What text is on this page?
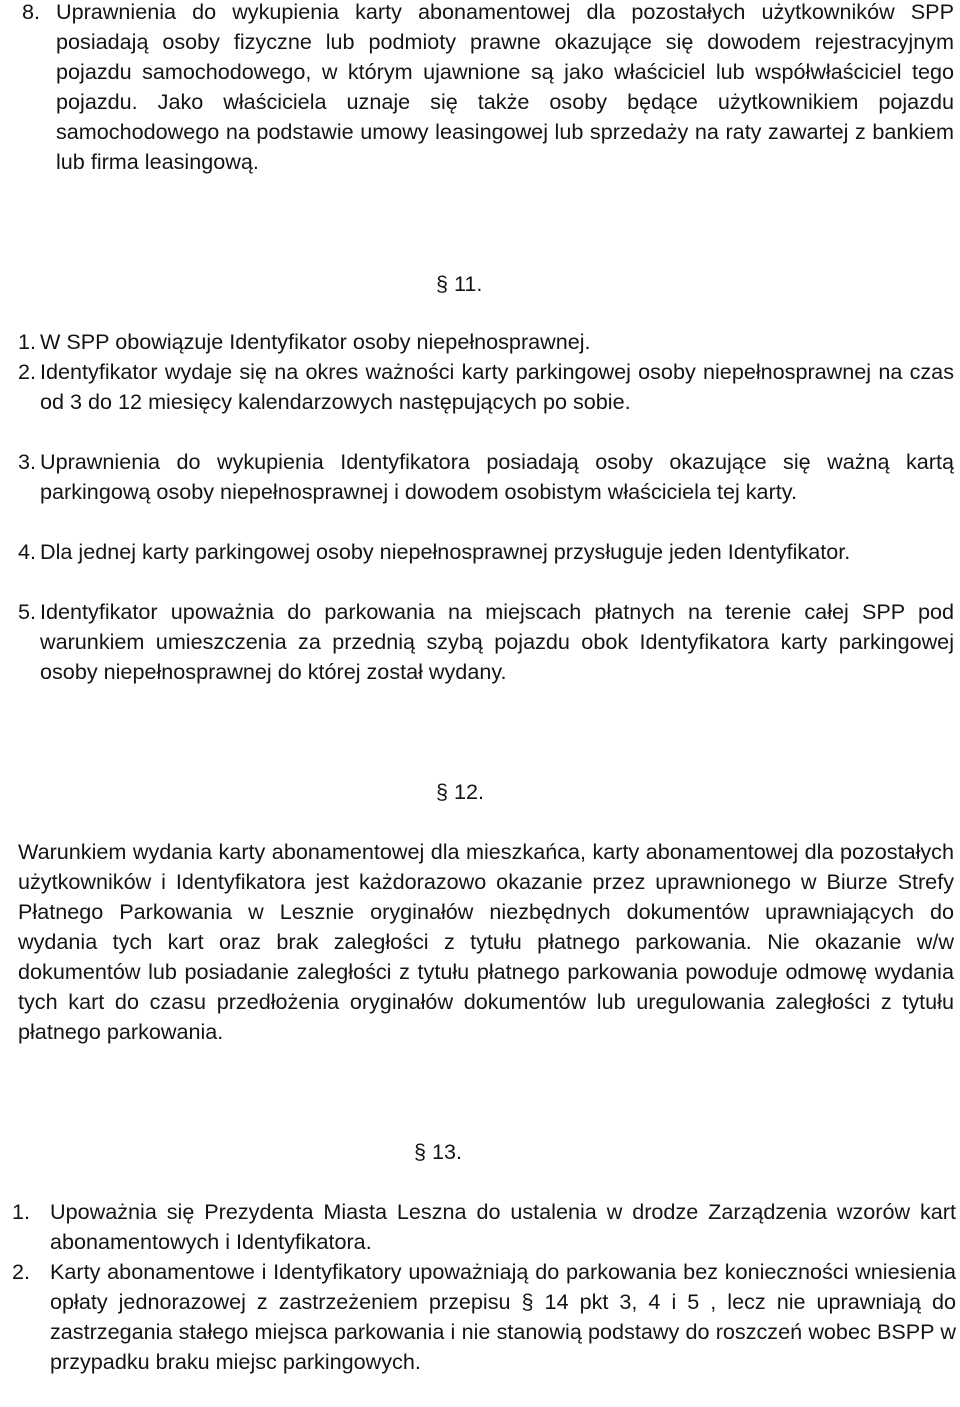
8. Uprawnienia do wykupienia karty abonamentowej dla pozostałych użytkowników SPP posiadają osoby fizyczne lub podmioty prawne okazujące się dowodem rejestracyjnym pojazdu samochodowego, w którym ujawnione są jako właściciel lub współwłaściciel tego pojazdu. Jako właściciela uznaje się także osoby będące użytkownikiem pojazdu samochodowego na podstawie umowy leasingowej lub sprzedaży na raty zawartej z bankiem lub firma leasingową.
§ 11.
1. W SPP obowiązuje Identyfikator osoby niepełnosprawnej.
2. Identyfikator wydaje się na okres ważności karty parkingowej osoby niepełnosprawnej na czas od 3 do 12 miesięcy kalendarzowych następujących po sobie.
3. Uprawnienia do wykupienia Identyfikatora posiadają osoby okazujące się ważną kartą parkingową osoby niepełnosprawnej i dowodem osobistym właściciela tej karty.
4. Dla jednej karty parkingowej osoby niepełnosprawnej przysługuje jeden Identyfikator.
5. Identyfikator upoważnia do parkowania na miejscach płatnych na terenie całej SPP pod warunkiem umieszczenia za przednią szybą pojazdu obok Identyfikatora karty parkingowej osoby niepełnosprawnej do której został wydany.
§ 12.
Warunkiem wydania karty abonamentowej dla mieszkańca, karty abonamentowej dla pozostałych użytkowników i Identyfikatora jest każdorazowo okazanie przez uprawnionego w Biurze Strefy Płatnego Parkowania w Lesznie oryginałów niezbędnych dokumentów uprawniających do wydania tych kart oraz brak zaległości z tytułu płatnego parkowania. Nie okazanie w/w dokumentów lub posiadanie zaległości z tytułu płatnego parkowania powoduje odmowę wydania tych kart do czasu przedłożenia oryginałów dokumentów lub uregulowania zaległości z tytułu płatnego parkowania.
§ 13.
1. Upoważnia się Prezydenta Miasta Leszna do ustalenia w drodze Zarządzenia wzorów kart abonamentowych i Identyfikatora.
2. Karty abonamentowe i Identyfikatory upoważniają do parkowania bez konieczności wniesienia opłaty jednorazowej z zastrzeżeniem przepisu § 14 pkt 3, 4 i 5 , lecz nie uprawniają do zastrzegania stałego miejsca parkowania i nie stanowią podstawy do roszczeń wobec BSPP w przypadku braku miejsc parkingowych.
